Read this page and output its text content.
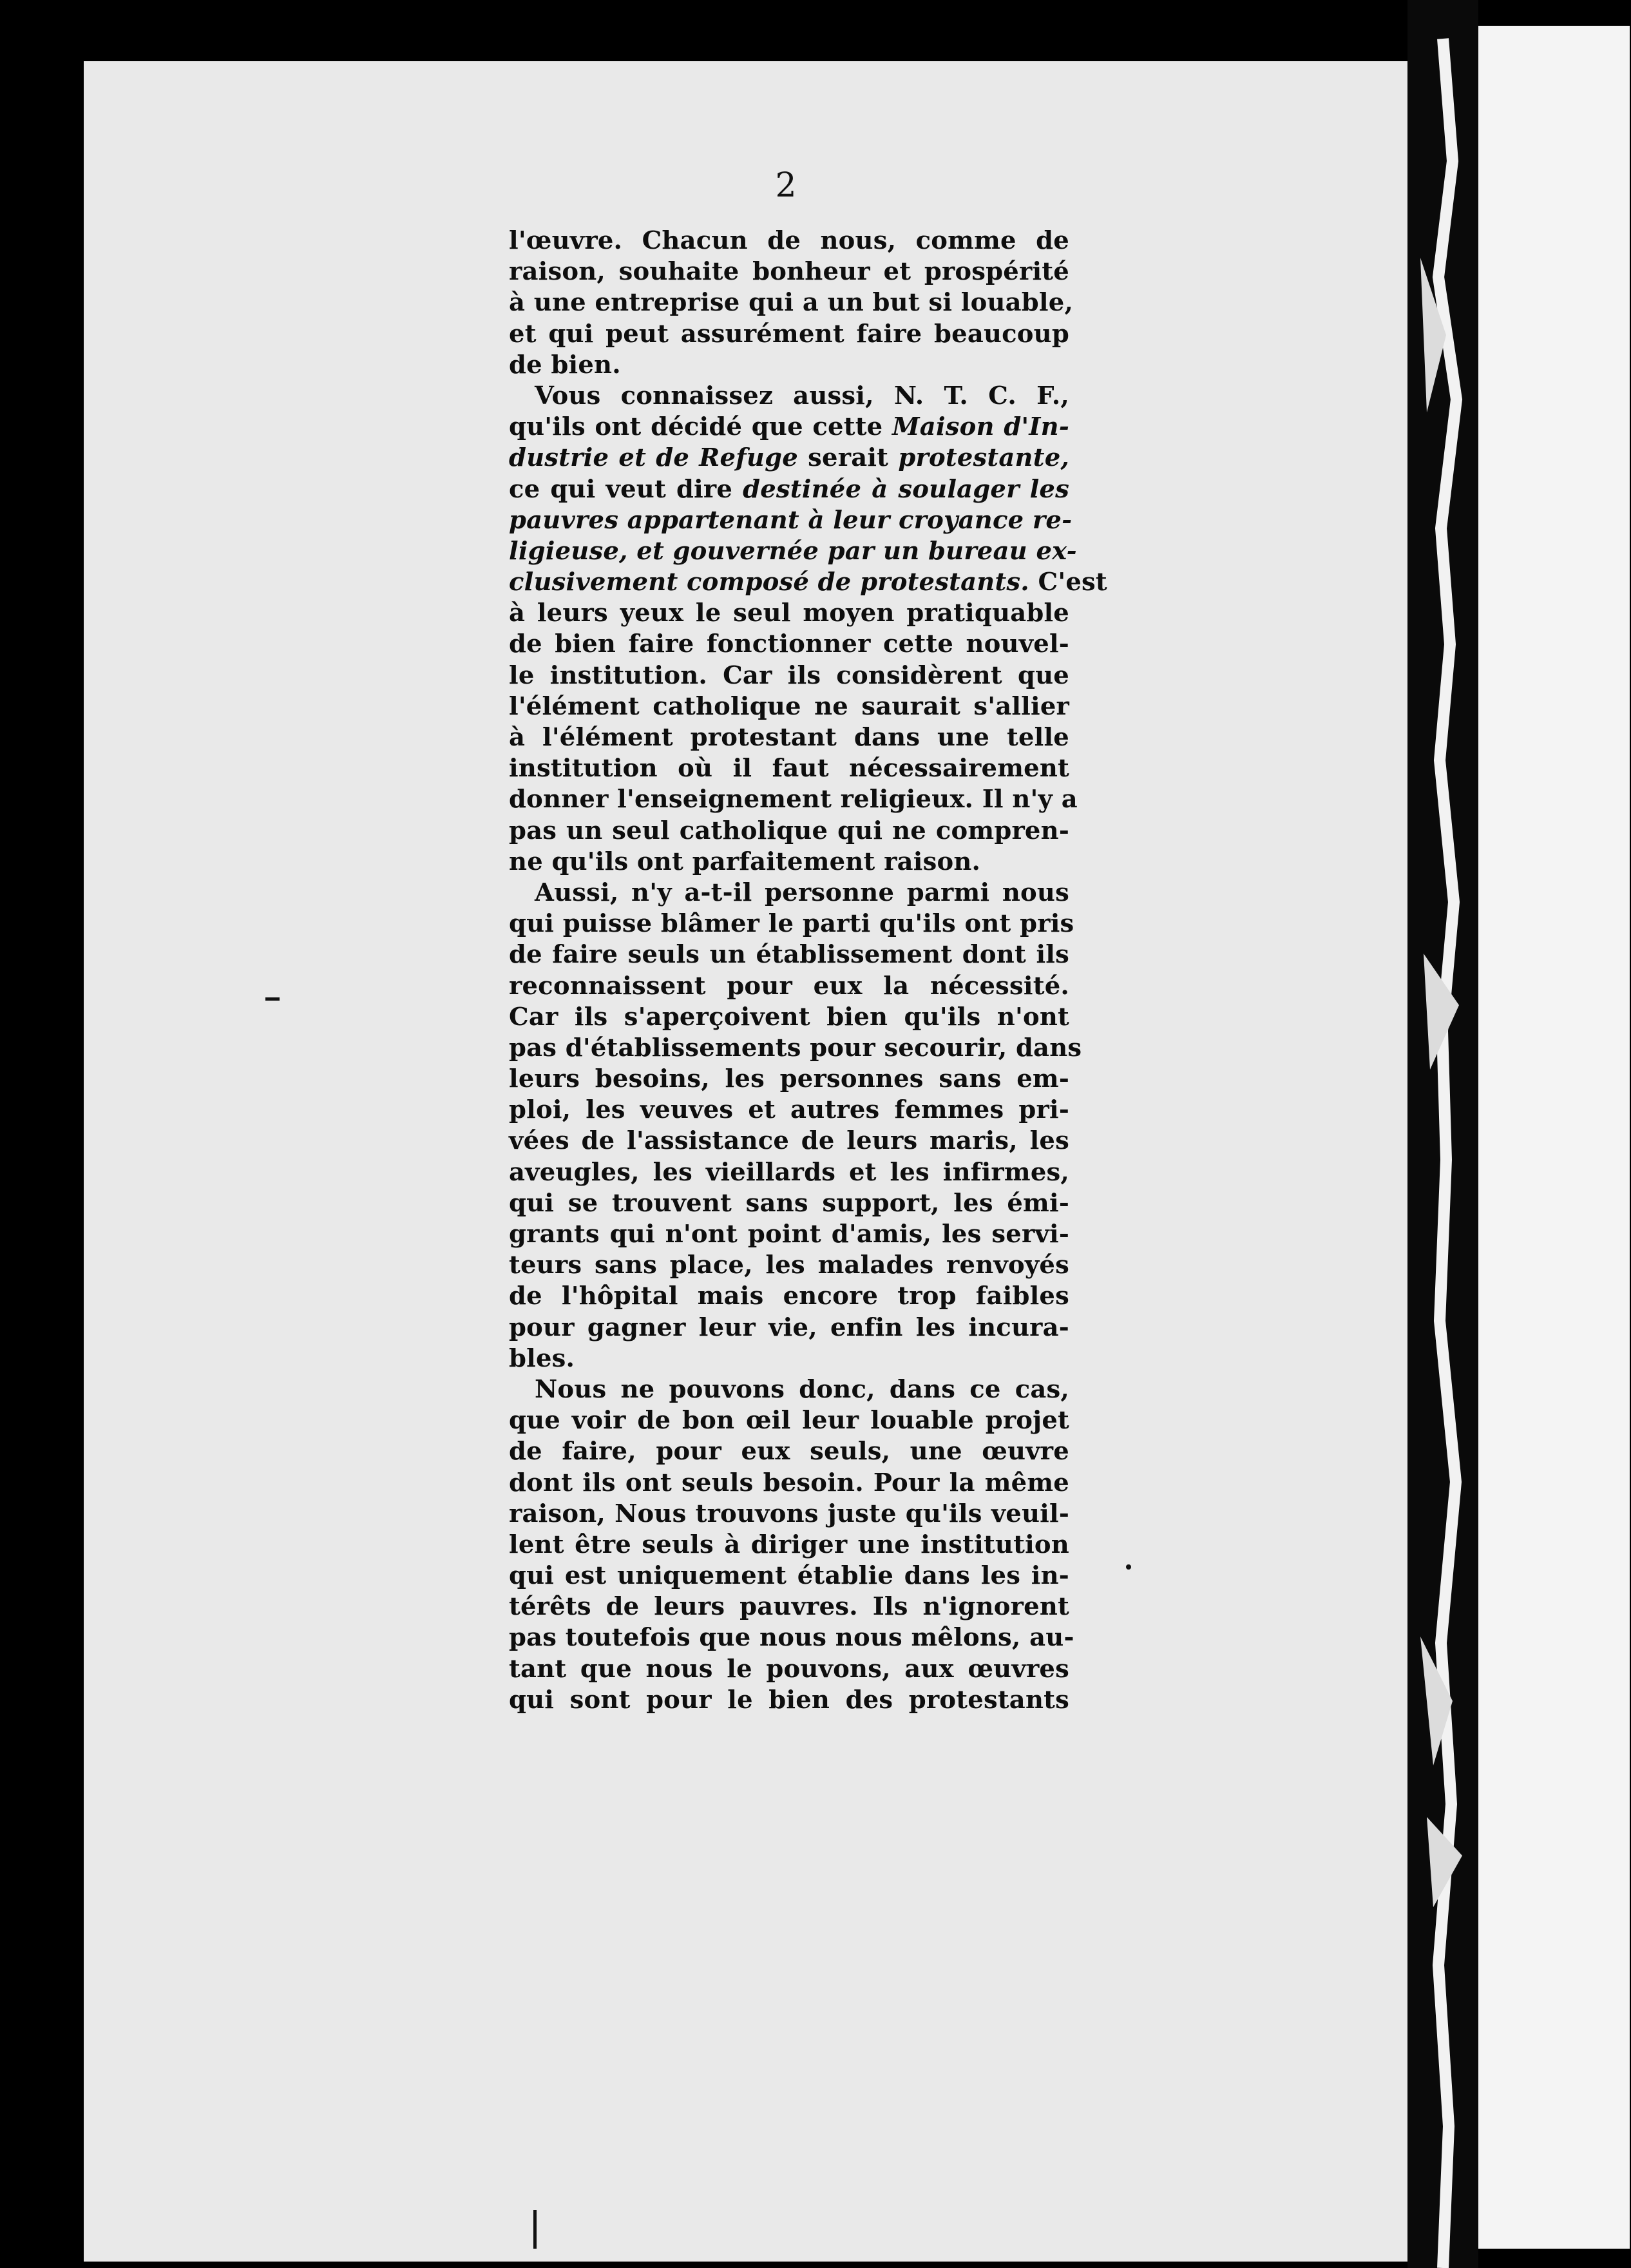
2
l'œuvre. Chacun de nous, comme de
raison, souhaite bonheur et prospérité
à une entreprise qui a un but si louable,
et qui peut assurément faire beaucoup
de bien.
Vous connaissez aussi, N. T. C. F.,
qu'ils ont décidé que cette Maison d'In-
dustrie et de Refuge serait protestante,
ce qui veut dire destinée à soulager les
pauvres appartenant à leur croyance re-
ligieuse, et gouvernée par un bureau ex-
clusivement composé de protestants. C'est
à leurs yeux le seul moyen pratiquable
de bien faire fonctionner cette nouvel-
le institution. Car ils considèrent que
l'élément catholique ne saurait s'allier
à l'élément protestant dans une telle
institution où il faut nécessairement
donner l'enseignement religieux. Il n'y a
pas un seul catholique qui ne compren-
ne qu'ils ont parfaitement raison.
Aussi, n'y a-t-il personne parmi nous
qui puisse blâmer le parti qu'ils ont pris
de faire seuls un établissement dont ils
reconnaissent pour eux la nécessité.
Car ils s'aperçoivent bien qu'ils n'ont
pas d'établissements pour secourir, dans
leurs besoins, les personnes sans em-
ploi, les veuves et autres femmes pri-
vées de l'assistance de leurs maris, les
aveugles, les vieillards et les infirmes,
qui se trouvent sans support, les émi-
grants qui n'ont point d'amis, les servi-
teurs sans place, les malades renvoyés
de l'hôpital mais encore trop faibles
pour gagner leur vie, enfin les incura-
bles.
Nous ne pouvons donc, dans ce cas,
que voir de bon œil leur louable projet
de faire, pour eux seuls, une œuvre
dont ils ont seuls besoin. Pour la même
raison, Nous trouvons juste qu'ils veuil-
lent être seuls à diriger une institution
qui est uniquement établie dans les in-
térêts de leurs pauvres. Ils n'ignorent
pas toutefois que nous nous mêlons, au-
tant que nous le pouvons, aux œuvres
qui sont pour le bien des protestants
